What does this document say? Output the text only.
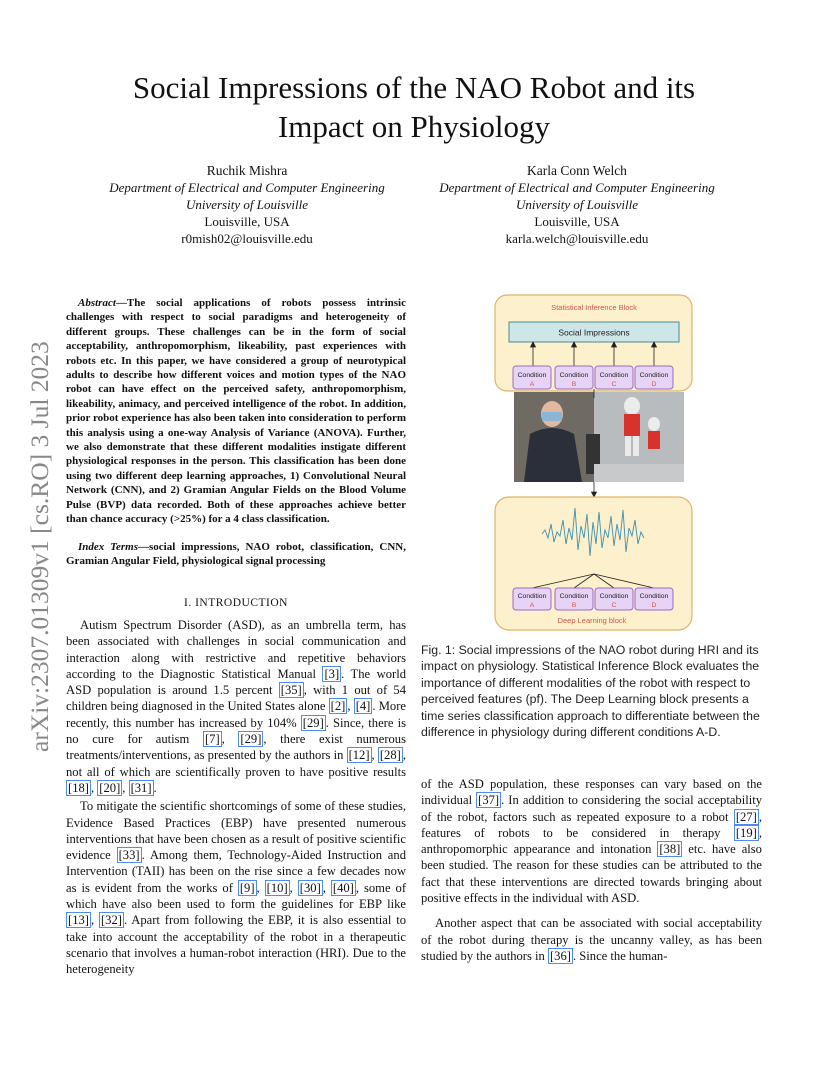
arXiv:2307.01309v1 [cs.RO] 3 Jul 2023
Social Impressions of the NAO Robot and its
Impact on Physiology
Ruchik Mishra
Department of Electrical and Computer Engineering
University of Louisville
Louisville, USA
r0mish02@louisville.edu
Karla Conn Welch
Department of Electrical and Computer Engineering
University of Louisville
Louisville, USA
karla.welch@louisville.edu
Abstract—The social applications of robots possess intrinsic challenges with respect to social paradigms and heterogeneity of different groups. These challenges can be in the form of social acceptability, anthropomorphism, likeability, past experiences with robots etc. In this paper, we have considered a group of neurotypical adults to describe how different voices and motion types of the NAO robot can have effect on the perceived safety, anthropomorphism, likeability, animacy, and perceived intelligence of the robot. In addition, prior robot experience has also been taken into consideration to perform this analysis using a one-way Analysis of Variance (ANOVA). Further, we also demonstrate that these different modalities instigate different physiological responses in the person. This classification has been done using two different deep learning approaches, 1) Convolutional Neural Network (CNN), and 2) Gramian Angular Fields on the Blood Volume Pulse (BVP) data recorded. Both of these approaches achieve better than chance accuracy (>25%) for a 4 class classification.
Index Terms—social impressions, NAO robot, classification, CNN, Gramian Angular Field, physiological signal processing
I. INTRODUCTION

Autism Spectrum Disorder (ASD), as an umbrella term, has been associated with challenges in social communication and interaction along with restrictive and repetitive behaviors according to the Diagnostic Statistical Manual [3] . The world ASD population is around 1.5 percent [35] , with 1 out of 54 children being diagnosed in the United States alone [2] , [4] . More recently, this number has increased by 104% [29] . Since, there is no cure for autism [7] , [29] , there exist numerous treatments/interventions, as presented by the authors in [12] , [28] , not all of which are scientifically proven to have positive results [18] , [20] , [31] .

To mitigate the scientific shortcomings of some of these studies, Evidence Based Practices (EBP) have presented numerous interventions that have been chosen as a result of positive scientific evidence [33] . Among them, Technology-Aided Instruction and Intervention (TAII) has been on the rise since a few decades now as is evident from the works of [9] , [10] , [30] , [40] , some of which have also been used to form the guidelines for EBP like [13] , [32] . Apart from following the EBP, it is also essential to take into account the acceptability of the robot in a therapeutic scenario that involves a human-robot interaction (HRI). Due to the heterogeneity

Statistical Inference Block
Social Impressions
Condition Condition Condition Condition
A	B	C	D
Condition Condition Condition Condition
A	B	C	D
Deep Learning block
Fig. 1: Social impressions of the NAO robot during HRI and its impact on physiology. Statistical Inference Block evaluates the importance of different modalities of the robot with respect to perceived features (pf). The Deep Learning block presents a time series classification approach to differentiate between the difference in physiology during different conditions A-D.

of the ASD population, these responses can vary based on the individual [37] . In addition to considering the social acceptability of the robot, factors such as repeated exposure to a robot [27] , features of robots to be considered in therapy [19] , anthropomorphic appearance and intonation [38] etc. have also been studied. The reason for these studies can be attributed to the fact that these interventions are directed towards bringing about positive effects in the individual with ASD.

Another aspect that can be associated with social acceptability of the robot during therapy is the uncanny valley, as has been studied by the authors in [36] . Since the human-
